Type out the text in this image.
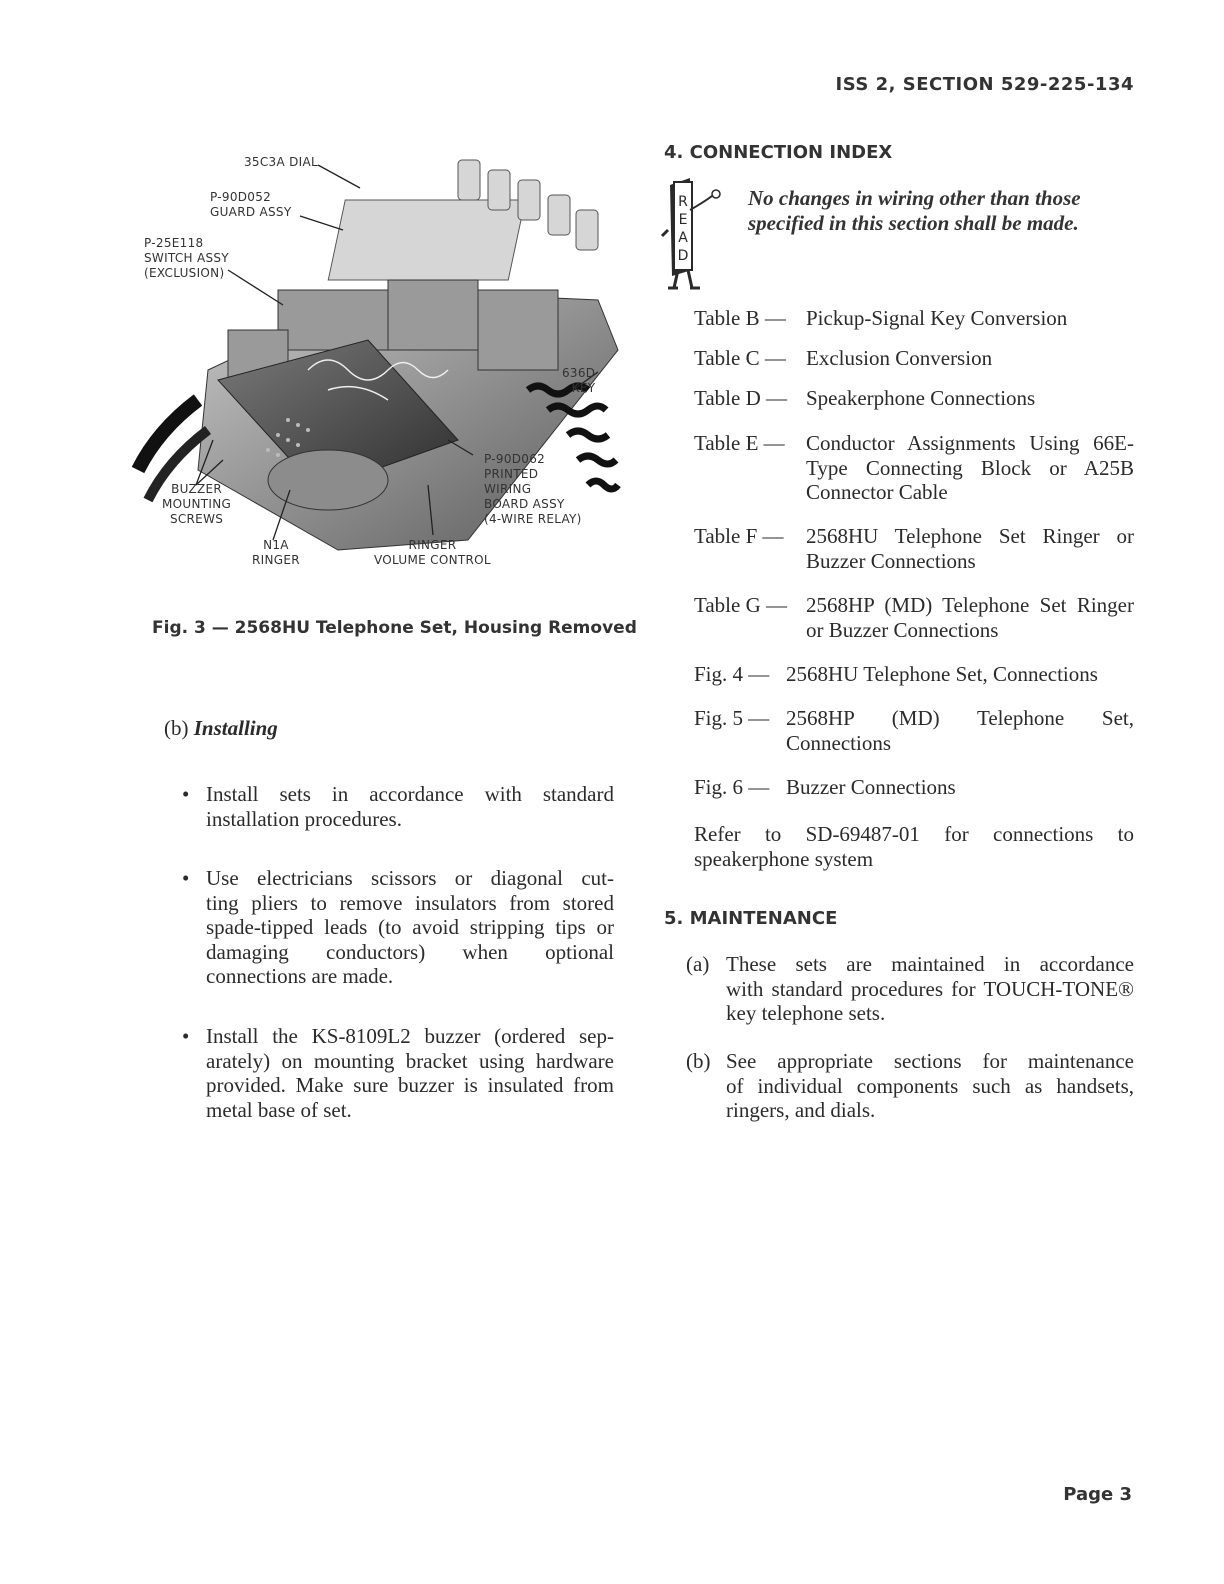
ISS 2, SECTION 529-225-134
35C3A DIAL
P-90D052
GUARD ASSY
P-25E118
SWITCH ASSY
(EXCLUSION)
636D
KEY
P-90D062
PRINTED
WIRING
BOARD ASSY
(4-WIRE RELAY)
BUZZER
MOUNTING
SCREWS
N1A
RINGER
RINGER
VOLUME CONTROL
Fig. 3 — 2568HU Telephone Set, Housing Removed
(b) Installing
• Install sets in accordance with standard
installation procedures.
• Use electricians scissors or diagonal cut-
ting pliers to remove insulators from stored spade-tipped leads (to avoid stripping tips or damaging conductors) when optional connections are made.
• Install the KS-8109L2 buzzer (ordered sep-
arately) on mounting bracket using hardware provided. Make sure buzzer is insulated from metal base of set.
4. CONNECTION INDEX
R
E
A
D
No changes in wiring other than those specified in this section shall be made.
Table B — Pickup-Signal Key Conversion
Table C — Exclusion Conversion
Table D — Speakerphone Connections
Table E — Conductor Assignments Using 66E-Type Connecting Block or A25B Connector Cable
Table F — 2568HU Telephone Set Ringer or Buzzer Connections
Table G — 2568HP (MD) Telephone Set Ringer or Buzzer Connections
Fig. 4 — 2568HU Telephone Set, Connections
Fig. 5 — 2568HP (MD) Telephone Set, Connections
Fig. 6 — Buzzer Connections
Refer to SD-69487-01 for connections to speakerphone system
5. MAINTENANCE
(a) These sets are maintained in accordance
with standard procedures for TOUCH-TONE® key telephone sets.
(b) See appropriate sections for maintenance
of individual components such as handsets, ringers, and dials.
Page 3
